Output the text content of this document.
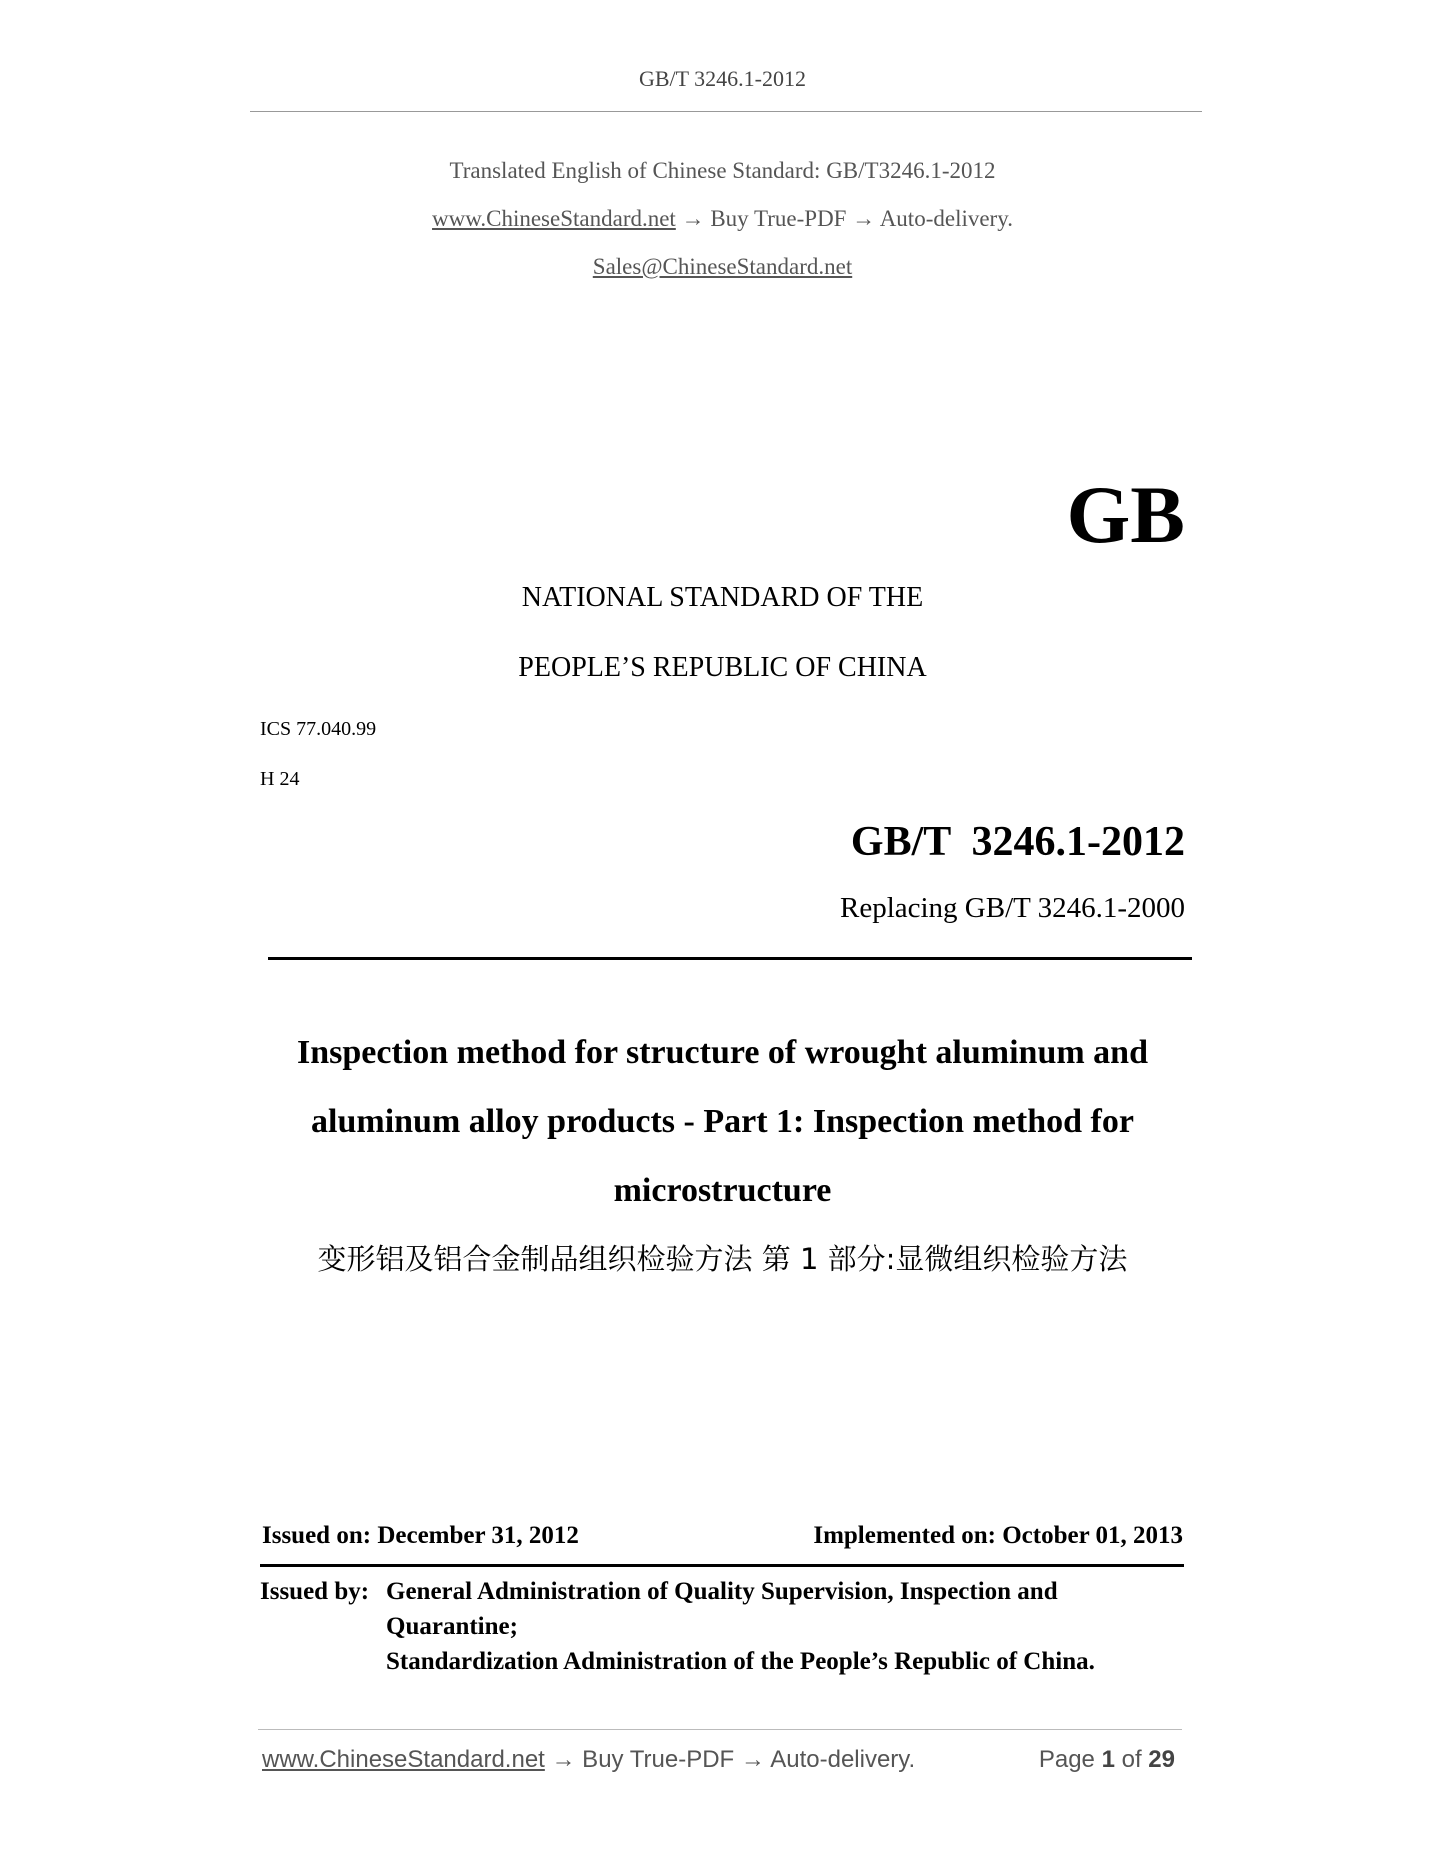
GB/T 3246.1-2012
Translated English of Chinese Standard: GB/T3246.1-2012
www.ChineseStandard.net → Buy True-PDF → Auto-delivery.
Sales@ChineseStandard.net
GB
NATIONAL STANDARD OF THE
PEOPLE’S REPUBLIC OF CHINA
ICS 77.040.99
H 24
GB/T  3246.1-2012
Replacing GB/T 3246.1-2000
Inspection method for structure of wrought aluminum and
aluminum alloy products - Part 1: Inspection method for
microstructure
变形铝及铝合金制品组织检验方法 第 1 部分:显微组织检验方法
Issued on: December 31, 2012	Implemented on: October 01, 2013
Issued by: General Administration of Quality Supervision, Inspection and
Quarantine;
Standardization Administration of the People’s Republic of China.
www.ChineseStandard.net → Buy True-PDF → Auto-delivery.	Page 1 of 29
